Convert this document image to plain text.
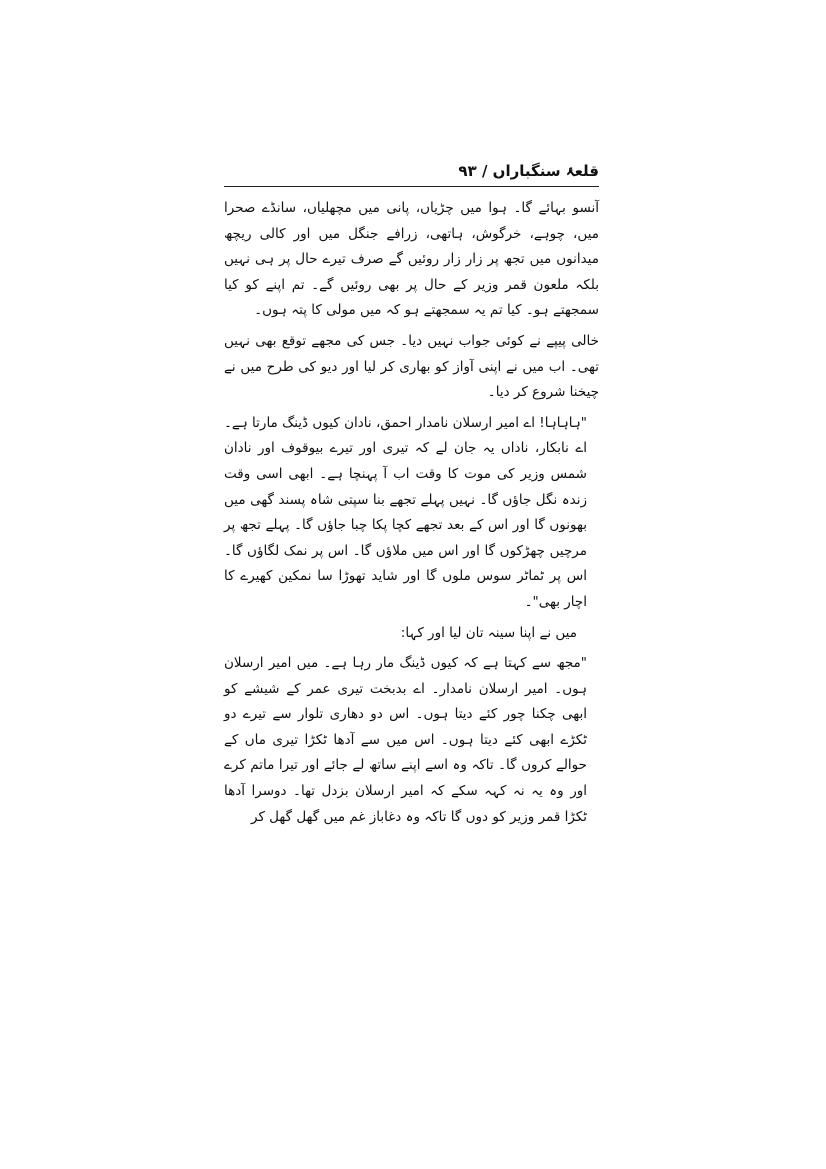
قلعۂ سنگباراں / ۹۳

آنسو بہائے گا۔ ہوا میں چڑیاں، پانی میں مچھلیاں، سانڈے صحرا میں، چوہے، خرگوش، ہاتھی، زرافے جنگل میں اور کالی ریچھ میدانوں میں تجھ پر زار زار روئیں گے صرف تیرے حال پر ہی نہیں بلکہ ملعون قمر وزیر کے حال پر بھی روئیں گے۔ تم اپنے کو کیا سمجھتے ہو۔ کیا تم یہ سمجھتے ہو کہ میں مولی کا پتہ ہوں۔

خالی پیپے نے کوئی جواب نہیں دیا۔ جس کی مجھے توقع بھی نہیں تھی۔ اب میں نے اپنی آواز کو بھاری کر لیا اور دیو کی طرح میں نے چیخنا شروع کر دیا۔

"ہاہاہا! اے امیر ارسلان نامدار احمق، نادان کیوں ڈینگ مارتا ہے۔ اے نابکار، ناداں یہ جان لے کہ تیری اور تیرے بیوقوف اور نادان شمس وزیر کی موت کا وقت اب آ پہنچا ہے۔ ابھی اسی وقت زندہ نگل جاؤں گا۔ نہیں پہلے تجھے بنا سپتی شاہ پسند گھی میں بھونوں گا اور اس کے بعد تجھے کچا پکا چبا جاؤں گا۔ پہلے تجھ پر مرچیں چھڑکوں گا اور اس میں ملاؤں گا۔ اس پر نمک لگاؤں گا۔ اس پر ٹماٹر سوس ملوں گا اور شاید تھوڑا سا نمکین کھیرے کا اچار بھی"۔

میں نے اپنا سینہ تان لیا اور کہا:

"مجھ سے کہتا ہے کہ کیوں ڈینگ مار رہا ہے۔ میں امیر ارسلان ہوں۔ امیر ارسلان نامدار۔ اے بدبخت تیری عمر کے شیشے کو ابھی چکنا چور کئے دیتا ہوں۔ اس دو دھاری تلوار سے تیرے دو ٹکڑے ابھی کئے دیتا ہوں۔ اس میں سے آدھا ٹکڑا تیری ماں کے حوالے کروں گا۔ تاکہ وہ اسے اپنے ساتھ لے جائے اور تیرا ماتم کرے اور وہ یہ نہ کہہ سکے کہ امیر ارسلان بزدل تھا۔ دوسرا آدھا ٹکڑا قمر وزیر کو دوں گا تاکہ وہ دغاباز غم میں گھل گھل کر
